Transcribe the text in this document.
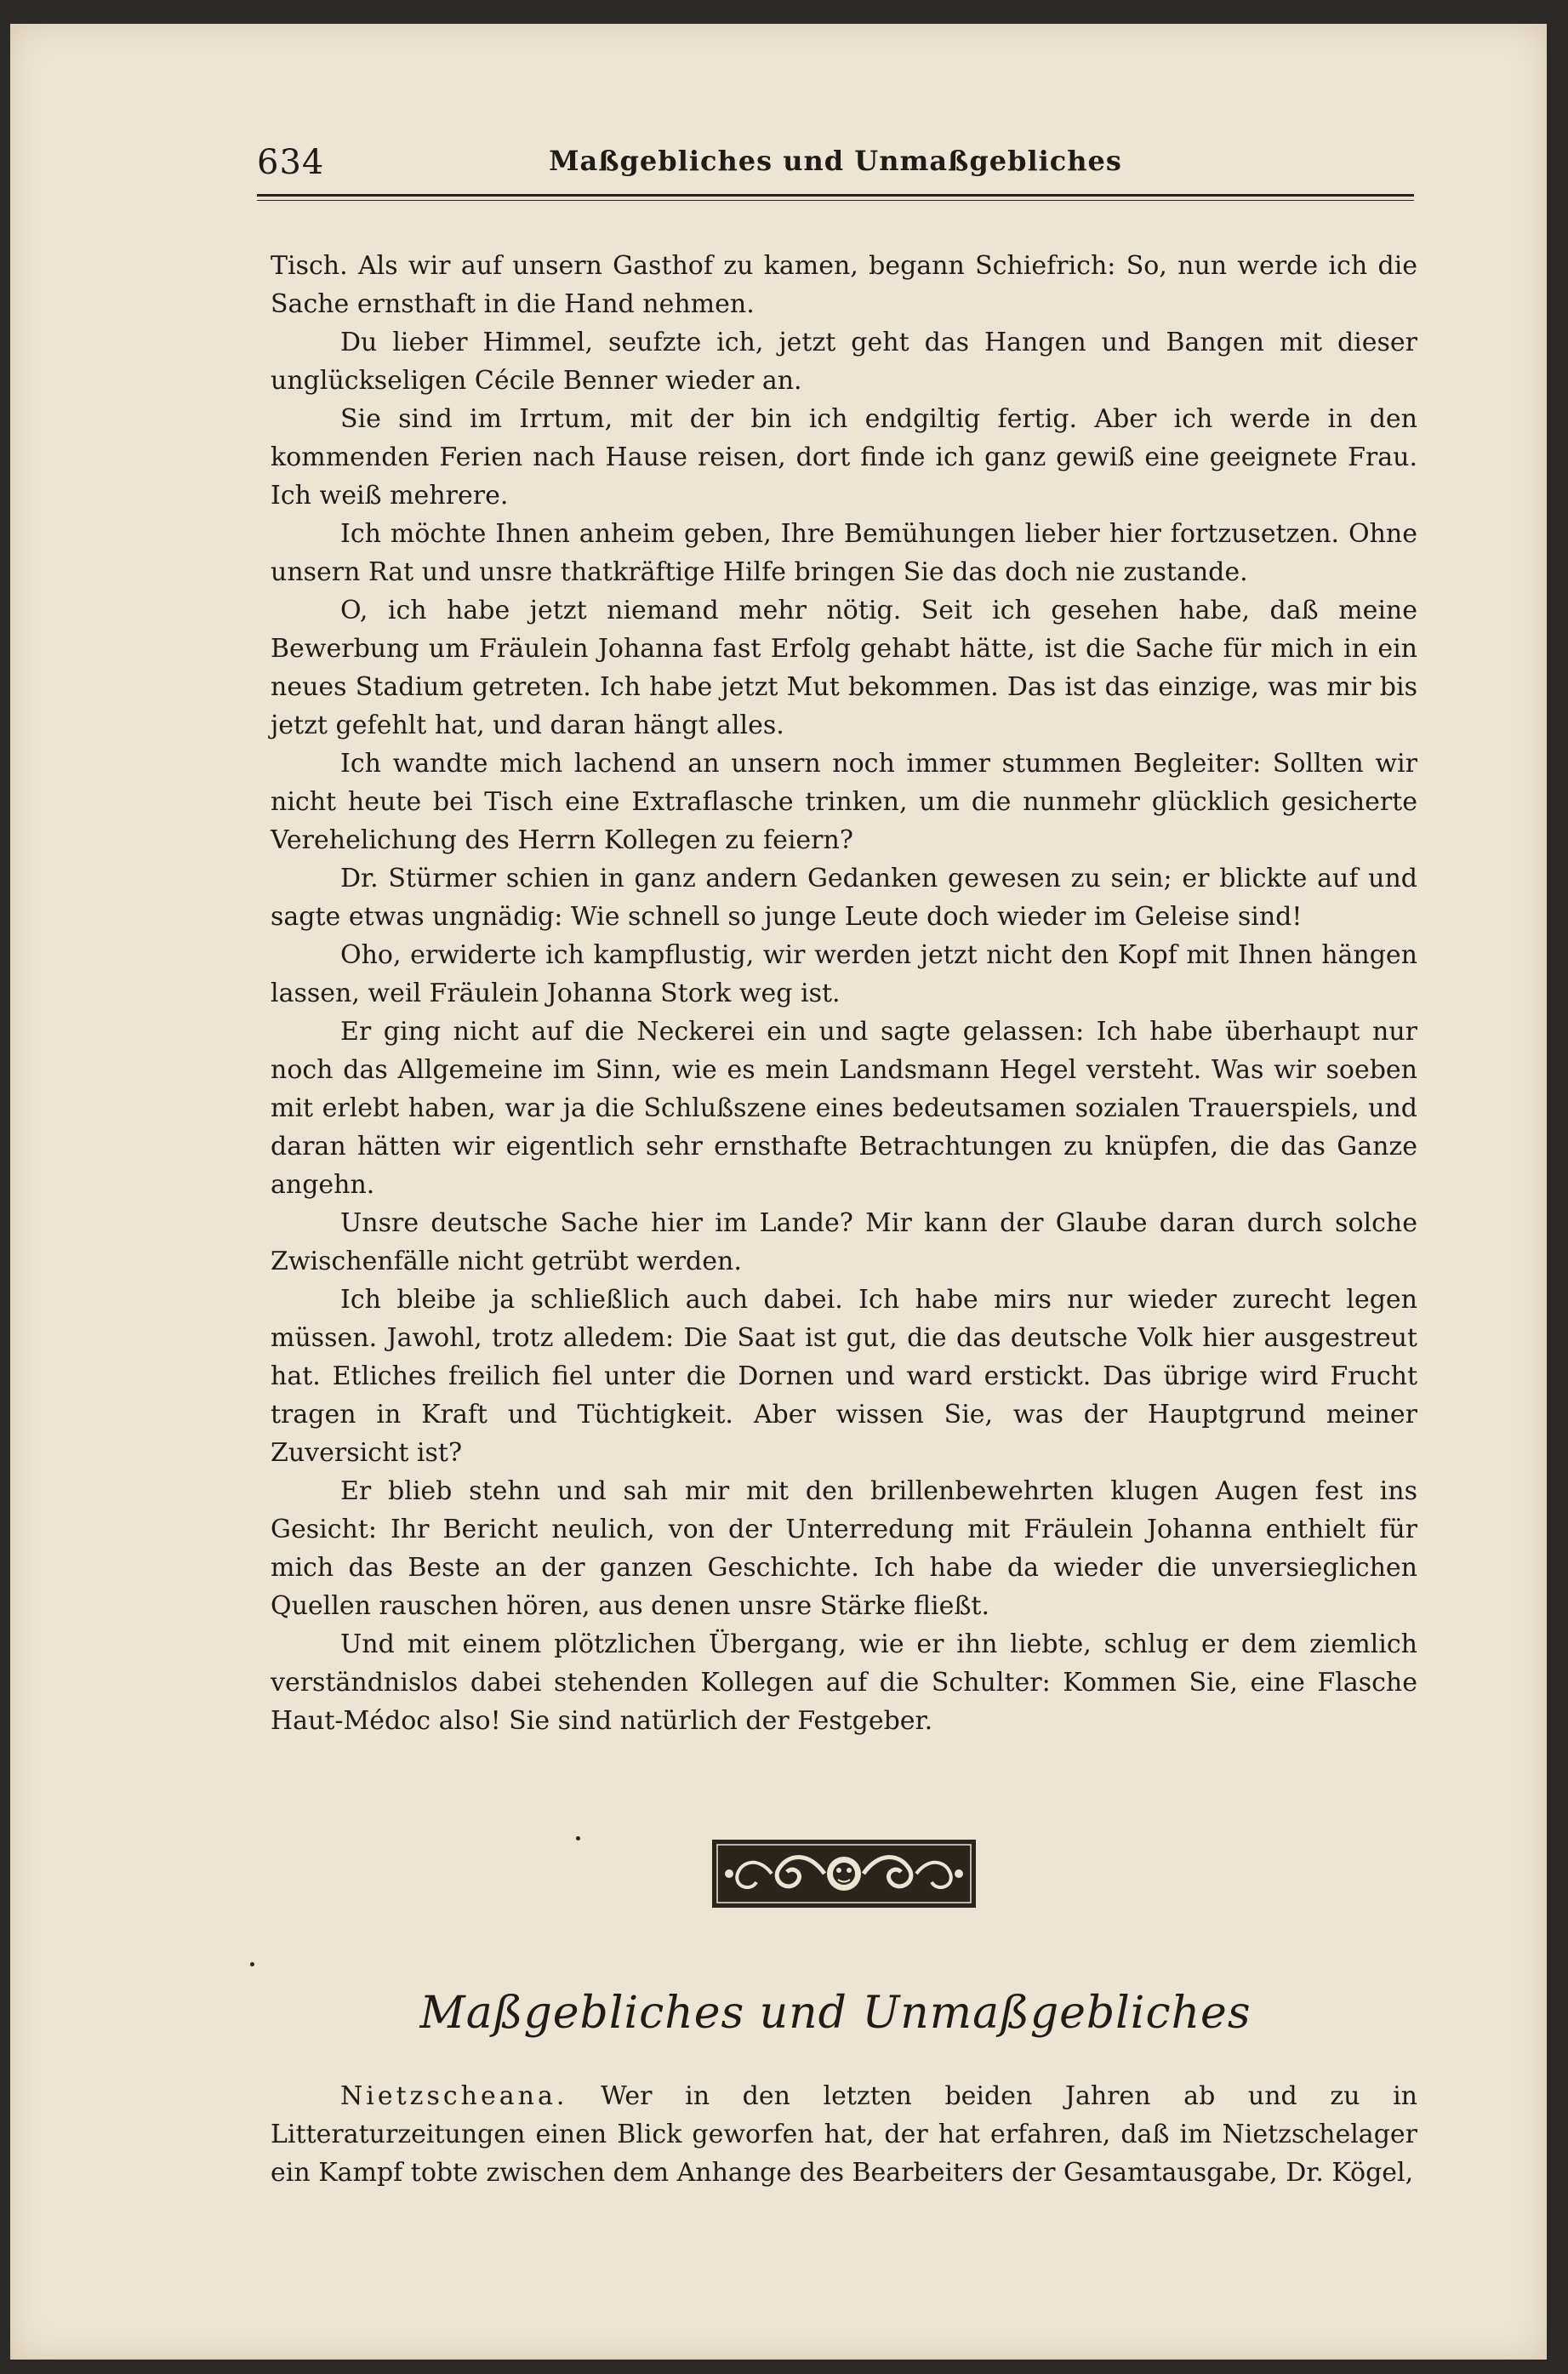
634	Maßgebliches und Unmaßgebliches

Tisch. Als wir auf unsern Gasthof zu kamen, begann Schiefrich: So, nun werde ich die Sache ernsthaft in die Hand nehmen.

Du lieber Himmel, seufzte ich, jetzt geht das Hangen und Bangen mit dieser unglückseligen Cécile Benner wieder an.

Sie sind im Irrtum, mit der bin ich endgiltig fertig. Aber ich werde in den kommenden Ferien nach Hause reisen, dort finde ich ganz gewiß eine geeignete Frau. Ich weiß mehrere.

Ich möchte Ihnen anheim geben, Ihre Bemühungen lieber hier fortzusetzen. Ohne unsern Rat und unsre thatkräftige Hilfe bringen Sie das doch nie zustande.

O, ich habe jetzt niemand mehr nötig. Seit ich gesehen habe, daß meine Bewerbung um Fräulein Johanna fast Erfolg gehabt hätte, ist die Sache für mich in ein neues Stadium getreten. Ich habe jetzt Mut bekommen. Das ist das einzige, was mir bis jetzt gefehlt hat, und daran hängt alles.

Ich wandte mich lachend an unsern noch immer stummen Begleiter: Sollten wir nicht heute bei Tisch eine Extraflasche trinken, um die nunmehr glücklich gesicherte Verehelichung des Herrn Kollegen zu feiern?

Dr. Stürmer schien in ganz andern Gedanken gewesen zu sein; er blickte auf und sagte etwas ungnädig: Wie schnell so junge Leute doch wieder im Geleise sind!

Oho, erwiderte ich kampflustig, wir werden jetzt nicht den Kopf mit Ihnen hängen lassen, weil Fräulein Johanna Stork weg ist.

Er ging nicht auf die Neckerei ein und sagte gelassen: Ich habe überhaupt nur noch das Allgemeine im Sinn, wie es mein Landsmann Hegel versteht. Was wir soeben mit erlebt haben, war ja die Schlußszene eines bedeutsamen sozialen Trauerspiels, und daran hätten wir eigentlich sehr ernsthafte Betrachtungen zu knüpfen, die das Ganze angehn.

Unsre deutsche Sache hier im Lande? Mir kann der Glaube daran durch solche Zwischenfälle nicht getrübt werden.

Ich bleibe ja schließlich auch dabei. Ich habe mirs nur wieder zurecht legen müssen. Jawohl, trotz alledem: Die Saat ist gut, die das deutsche Volk hier ausgestreut hat. Etliches freilich fiel unter die Dornen und ward erstickt. Das übrige wird Frucht tragen in Kraft und Tüchtigkeit. Aber wissen Sie, was der Hauptgrund meiner Zuversicht ist?

Er blieb stehn und sah mir mit den brillenbewehrten klugen Augen fest ins Gesicht: Ihr Bericht neulich, von der Unterredung mit Fräulein Johanna enthielt für mich das Beste an der ganzen Geschichte. Ich habe da wieder die unversieglichen Quellen rauschen hören, aus denen unsre Stärke fließt.

Und mit einem plötzlichen Übergang, wie er ihn liebte, schlug er dem ziemlich verständnislos dabei stehenden Kollegen auf die Schulter: Kommen Sie, eine Flasche Haut-Médoc also! Sie sind natürlich der Festgeber.

Maßgebliches und Unmaßgebliches

Nietzscheana. Wer in den letzten beiden Jahren ab und zu in Litteraturzeitungen einen Blick geworfen hat, der hat erfahren, daß im Nietzschelager ein Kampf tobte zwischen dem Anhange des Bearbeiters der Gesamtausgabe, Dr. Kögel,
